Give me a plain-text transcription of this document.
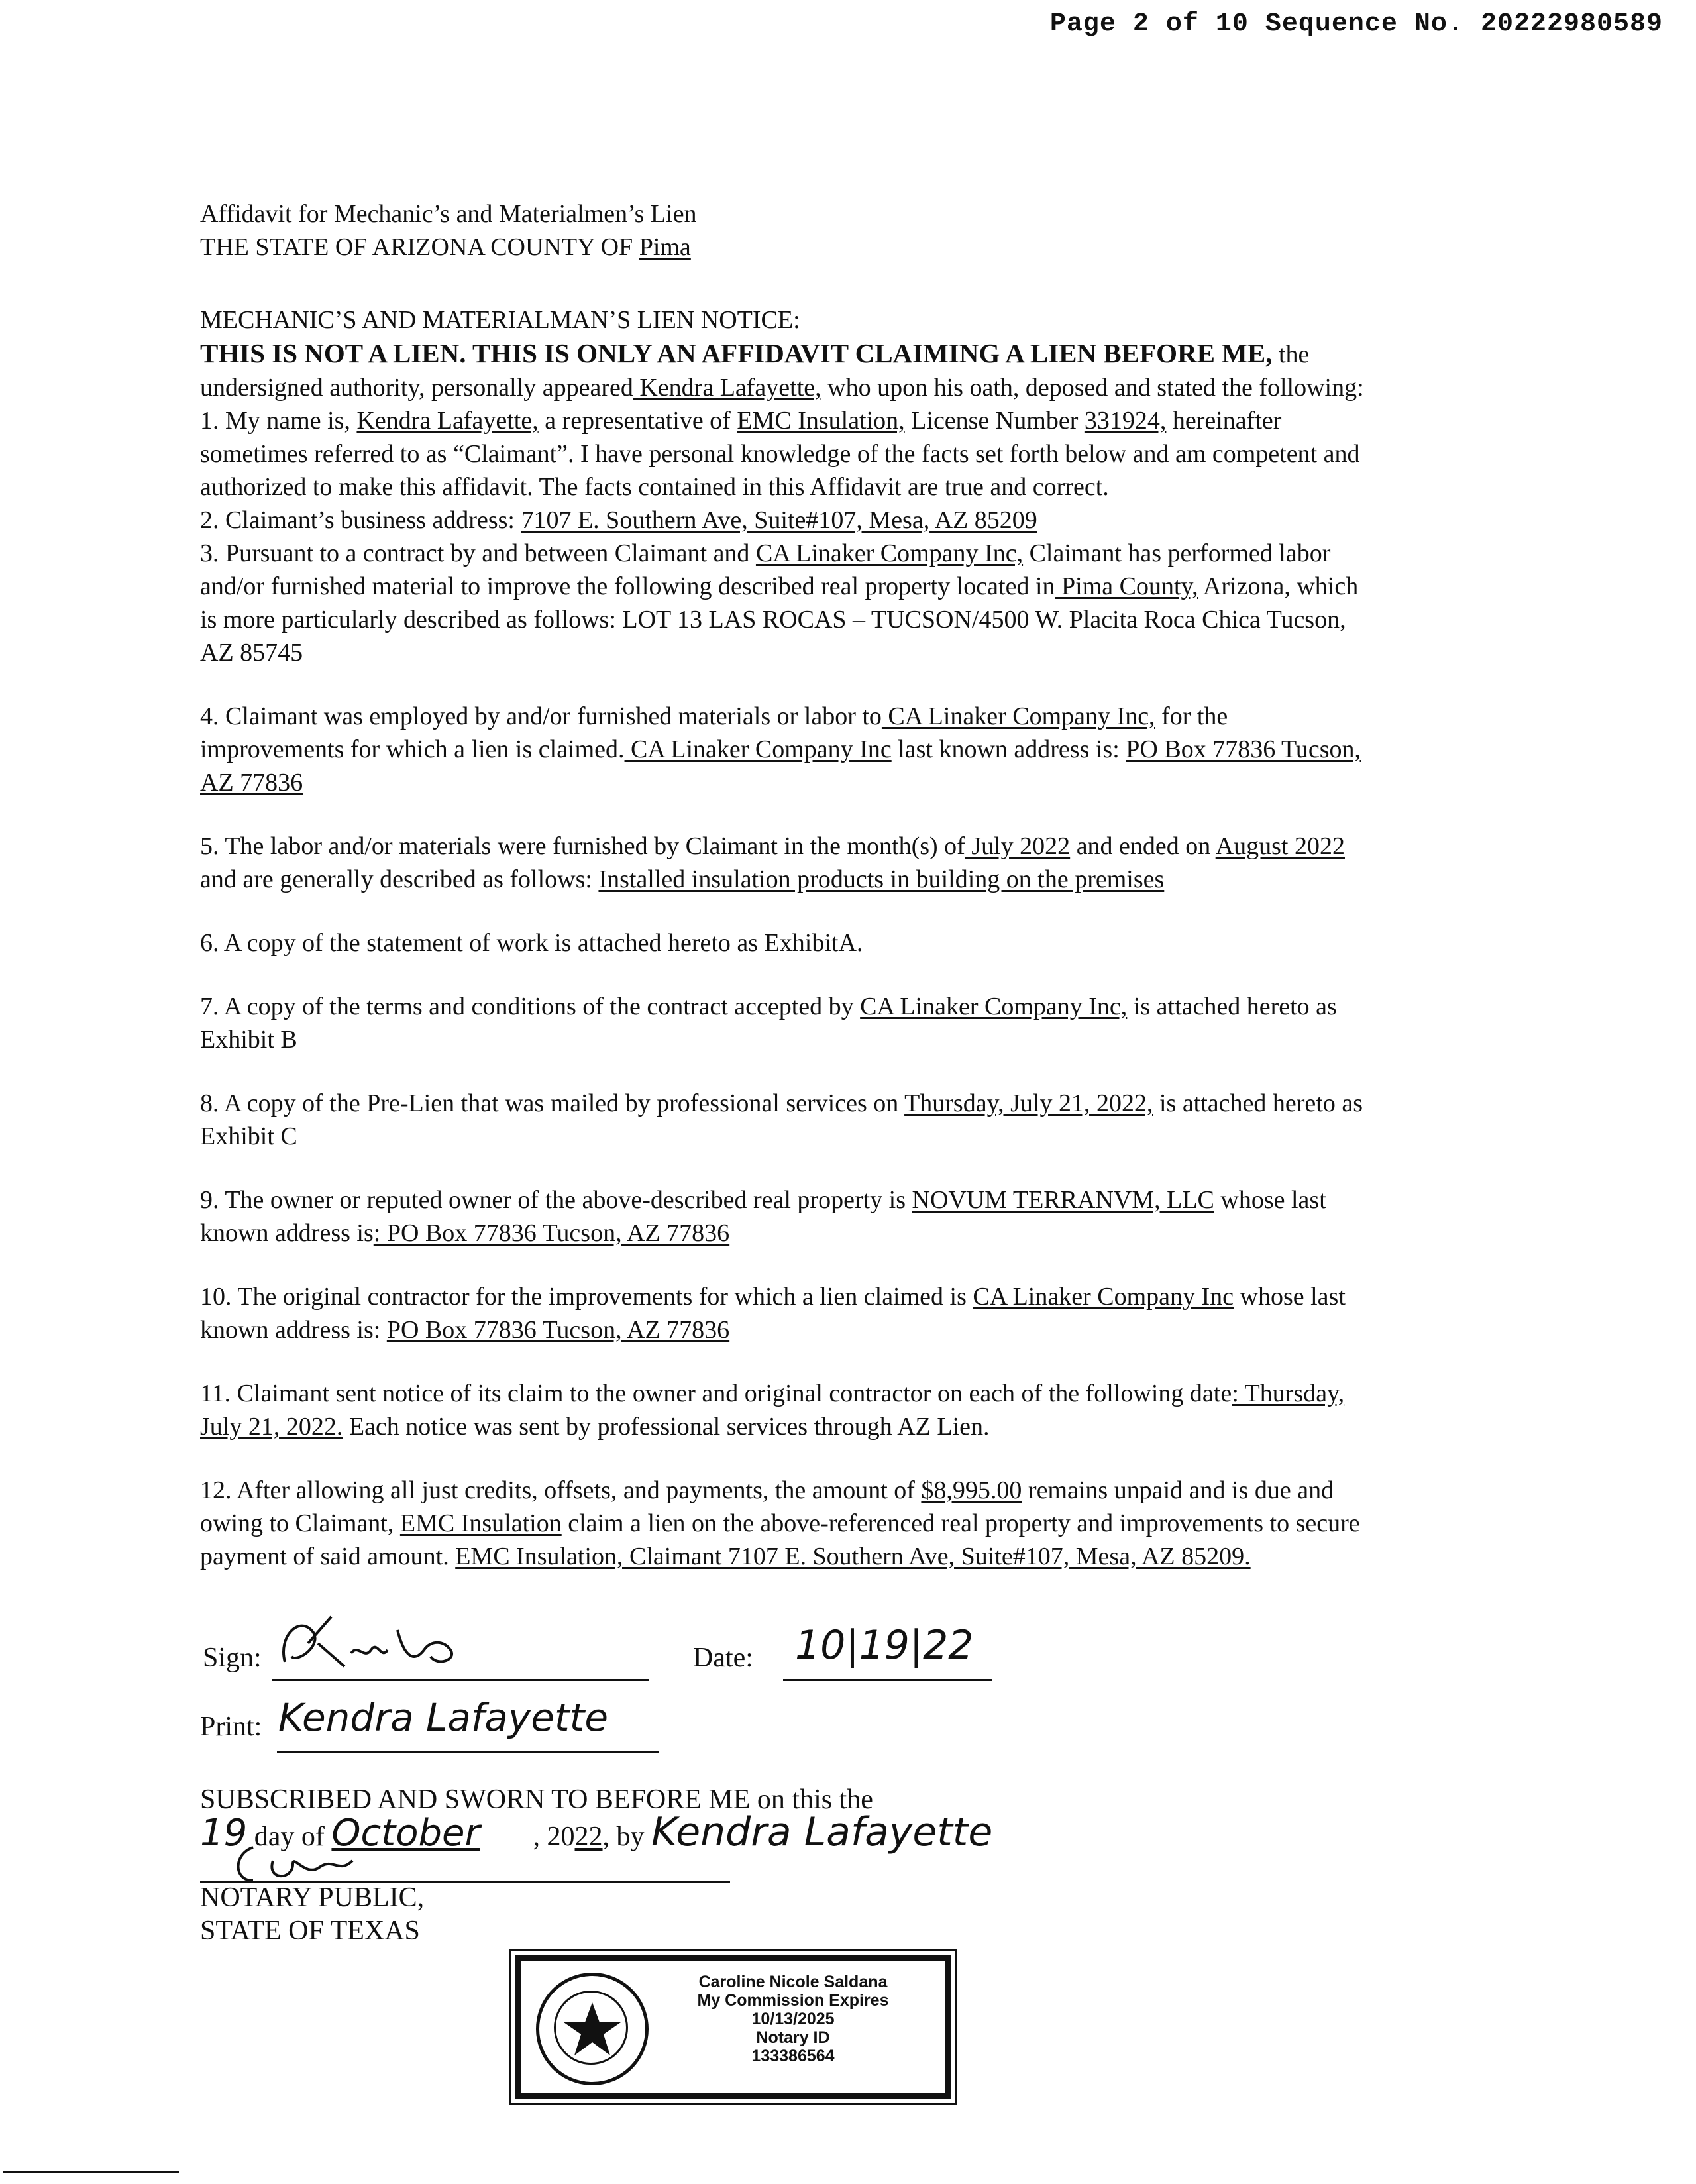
Page 2 of 10 Sequence No. 20222980589

Affidavit for Mechanic’s and Materialmen’s Lien

THE STATE OF ARIZONA COUNTY OF Pima

MECHANIC’S AND MATERIALMAN’S LIEN NOTICE:

THIS IS NOT A LIEN. THIS IS ONLY AN AFFIDAVIT CLAIMING A LIEN BEFORE ME, the

undersigned authority, personally appeared Kendra Lafayette, who upon his oath, deposed and stated the following:

1. My name is, Kendra Lafayette, a representative of EMC Insulation, License Number 331924, hereinafter

sometimes referred to as “Claimant”. I have personal knowledge of the facts set forth below and am competent and

authorized to make this affidavit. The facts contained in this Affidavit are true and correct.

2. Claimant’s business address: 7107 E. Southern Ave, Suite#107, Mesa, AZ 85209

3. Pursuant to a contract by and between Claimant and CA Linaker Company Inc, Claimant has performed labor

and/or furnished material to improve the following described real property located in Pima County, Arizona, which

is more particularly described as follows: LOT 13 LAS ROCAS – TUCSON/4500 W. Placita Roca Chica Tucson,

AZ 85745

4. Claimant was employed by and/or furnished materials or labor to CA Linaker Company Inc, for the

improvements for which a lien is claimed. CA Linaker Company Inc last known address is: PO Box 77836 Tucson,

AZ 77836

5. The labor and/or materials were furnished by Claimant in the month(s) of July 2022 and ended on August 2022

and are generally described as follows: Installed insulation products in building on the premises

6. A copy of the statement of work is attached hereto as ExhibitA.

7. A copy of the terms and conditions of the contract accepted by CA Linaker Company Inc, is attached hereto as

Exhibit B

8. A copy of the Pre-Lien that was mailed by professional services on Thursday, July 21, 2022, is attached hereto as

Exhibit C

9. The owner or reputed owner of the above-described real property is NOVUM TERRANVM, LLC whose last

known address is: PO Box 77836 Tucson, AZ 77836

10. The original contractor for the improvements for which a lien claimed is CA Linaker Company Inc whose last

known address is: PO Box 77836 Tucson, AZ 77836

11. Claimant sent notice of its claim to the owner and original contractor on each of the following date: Thursday,

July 21, 2022. Each notice was sent by professional services through AZ Lien.

12. After allowing all just credits, offsets, and payments, the amount of $8,995.00 remains unpaid and is due and

owing to Claimant, EMC Insulation claim a lien on the above-referenced real property and improvements to secure

payment of said amount. EMC Insulation, Claimant 7107 E. Southern Ave, Suite#107, Mesa, AZ 85209.

Sign:	Date: 10|19|22
Print: Kendra Lafayette
SUBSCRIBED AND SWORN TO BEFORE ME on this the
19 day of October , 2022, by Kendra Lafayette
NOTARY PUBLIC,
STATE OF TEXAS
Caroline Nicole Saldana
My Commission Expires
10/13/2025
Notary ID
133386564
